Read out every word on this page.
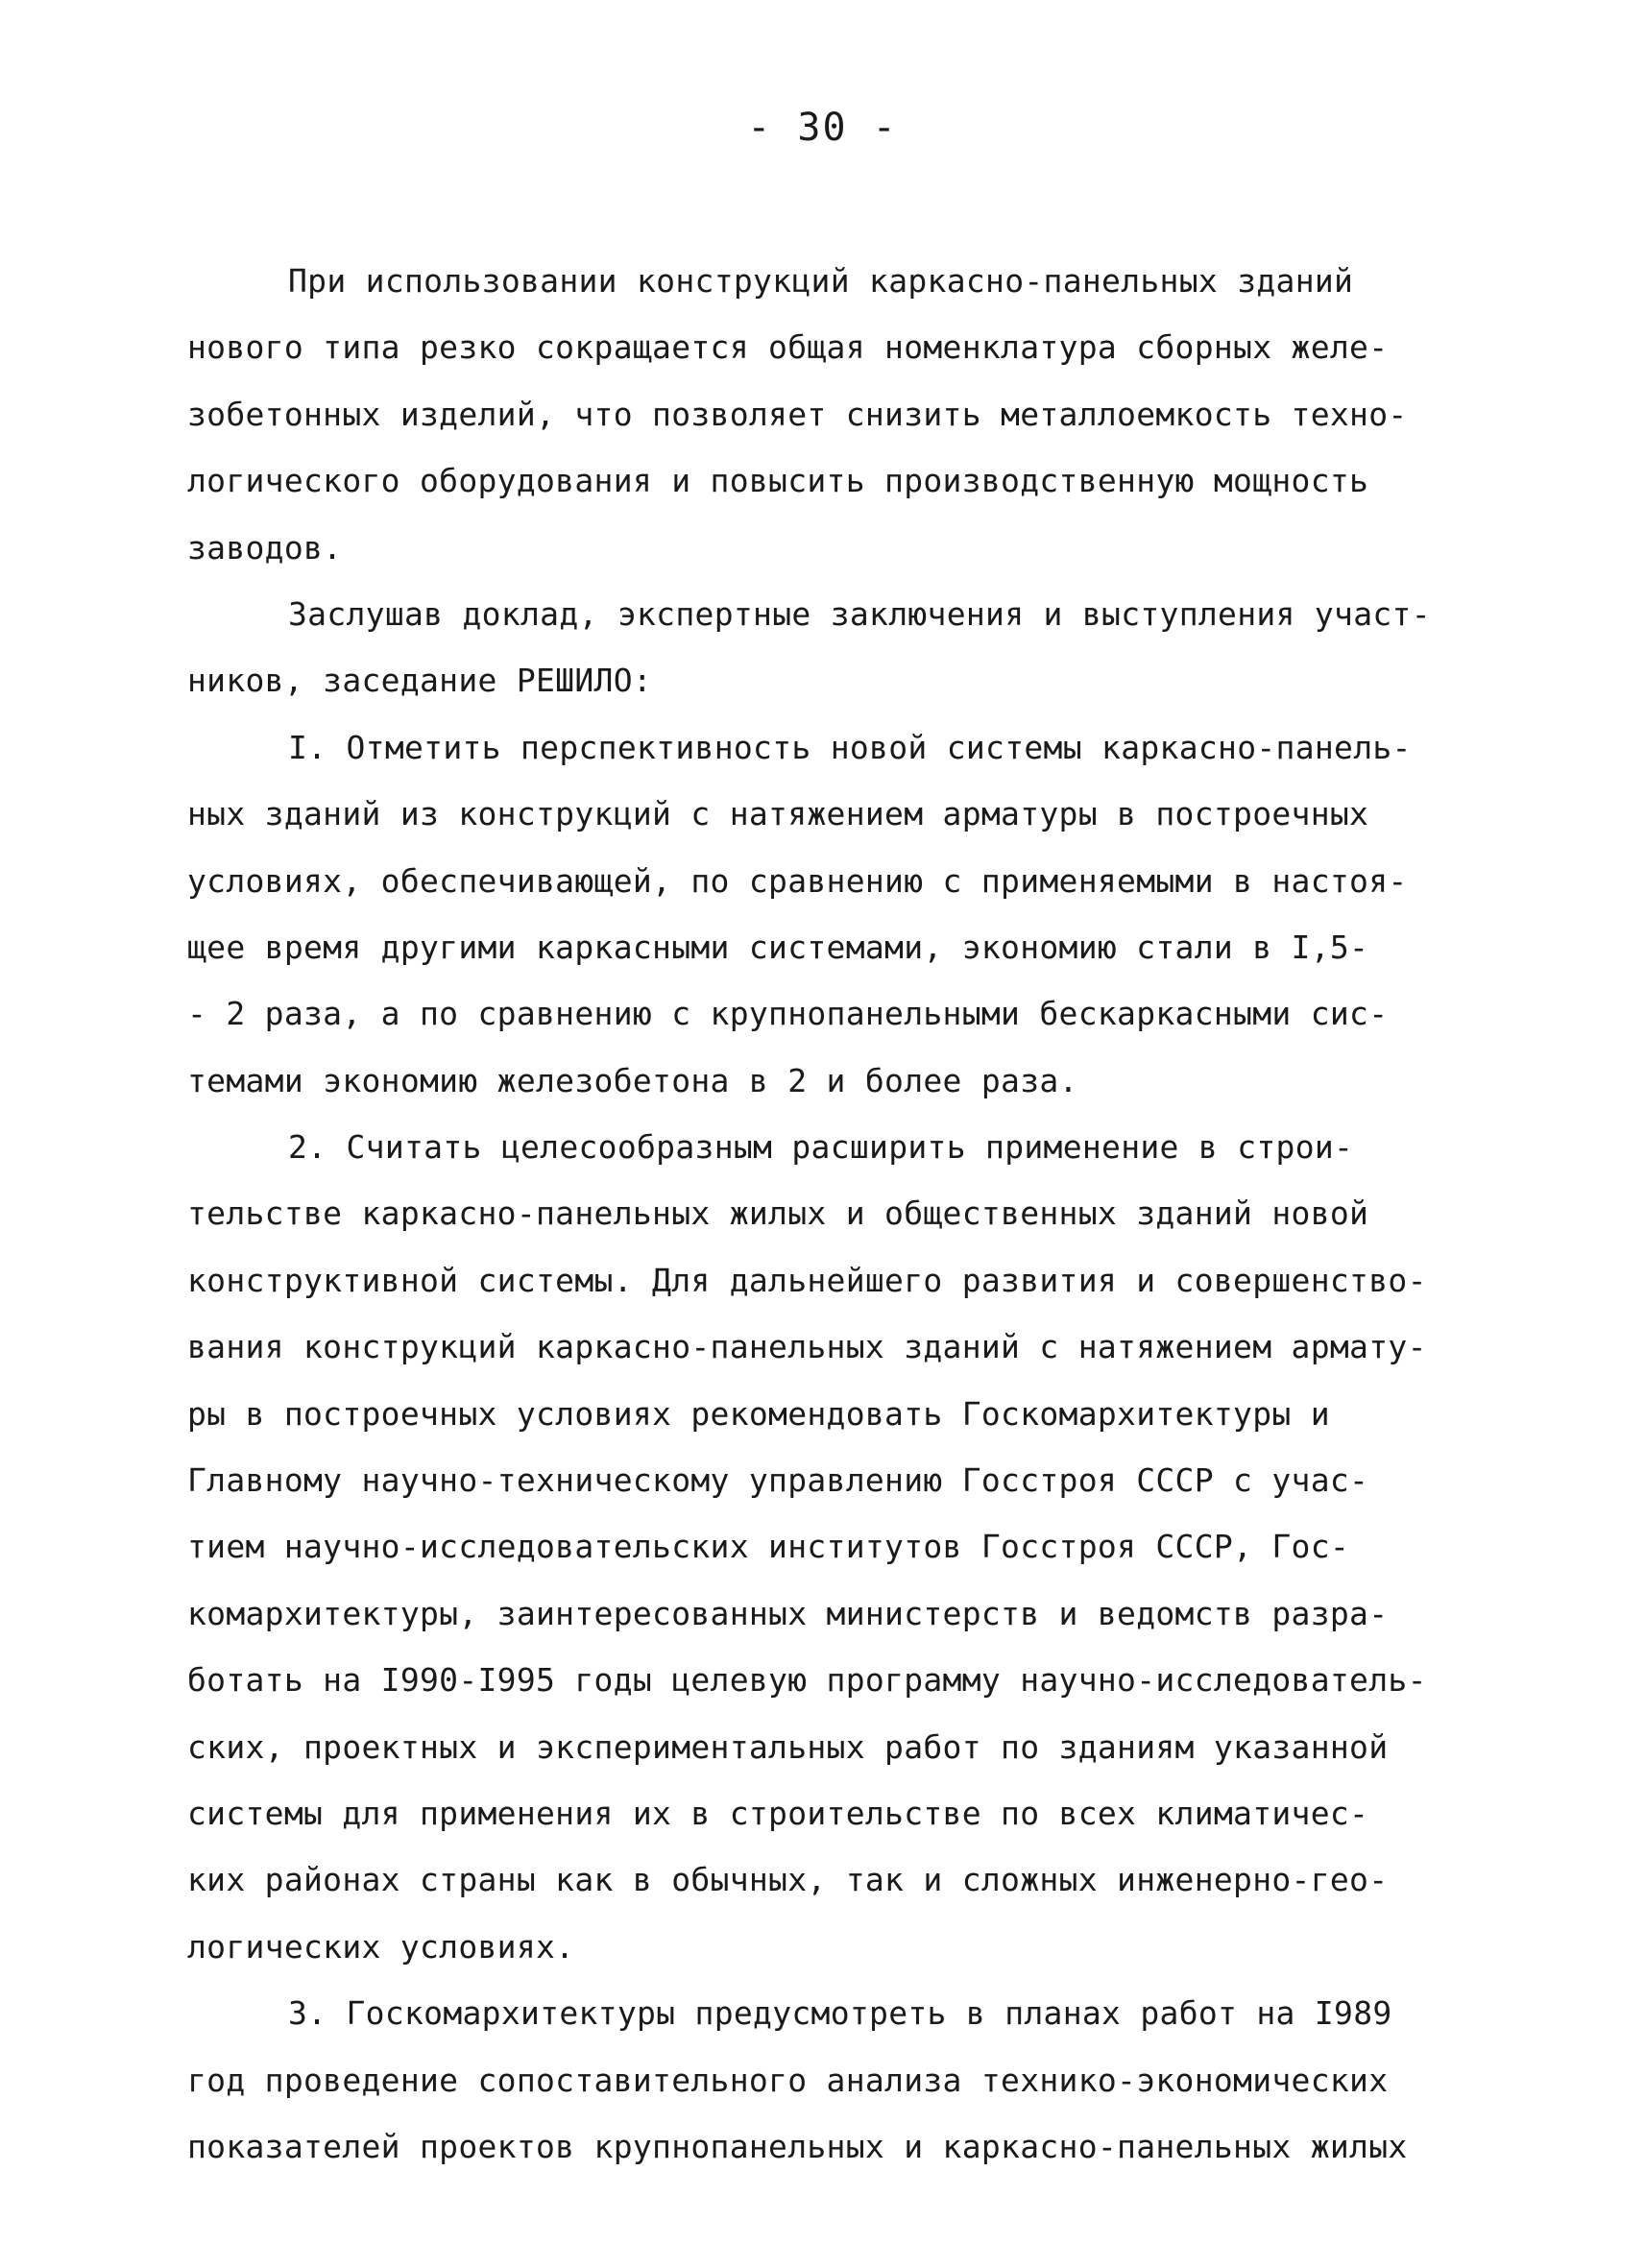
- 30 -
При использовании конструкций каркасно-панельных зданий
нового типа резко сокращается общая номенклатура сборных желе-
зобетонных изделий, что позволяет снизить металлоемкость техно-
логического оборудования и повысить производственную мощность
заводов.
Заслушав доклад, экспертные заключения и выступления участ-
ников, заседание РЕШИЛО:
I. Отметить перспективность новой системы каркасно-панель-
ных зданий из конструкций с натяжением арматуры в построечных
условиях, обеспечивающей, по сравнению с применяемыми в настоя-
щее время другими каркасными системами, экономию стали в I,5-
- 2 раза, а по сравнению с крупнопанельными бескаркасными сис-
темами экономию железобетона в 2 и более раза.
2. Считать целесообразным расширить применение в строи-
тельстве каркасно-панельных жилых и общественных зданий новой
конструктивной системы. Для дальнейшего развития и совершенство-
вания конструкций каркасно-панельных зданий с натяжением армату-
ры в построечных условиях рекомендовать Госкомархитектуры и
Главному научно-техническому управлению Госстроя СССР с учас-
тием научно-исследовательских институтов Госстроя СССР, Гос-
комархитектуры, заинтересованных министерств и ведомств разра-
ботать на I990-I995 годы целевую программу научно-исследователь-
ских, проектных и экспериментальных работ по зданиям указанной
системы для применения их в строительстве по всех климатичес-
ких районах страны как в обычных, так и сложных инженерно-гео-
логических условиях.
3. Госкомархитектуры предусмотреть в планах работ на I989
год проведение сопоставительного анализа технико-экономических
показателей проектов крупнопанельных и каркасно-панельных жилых
